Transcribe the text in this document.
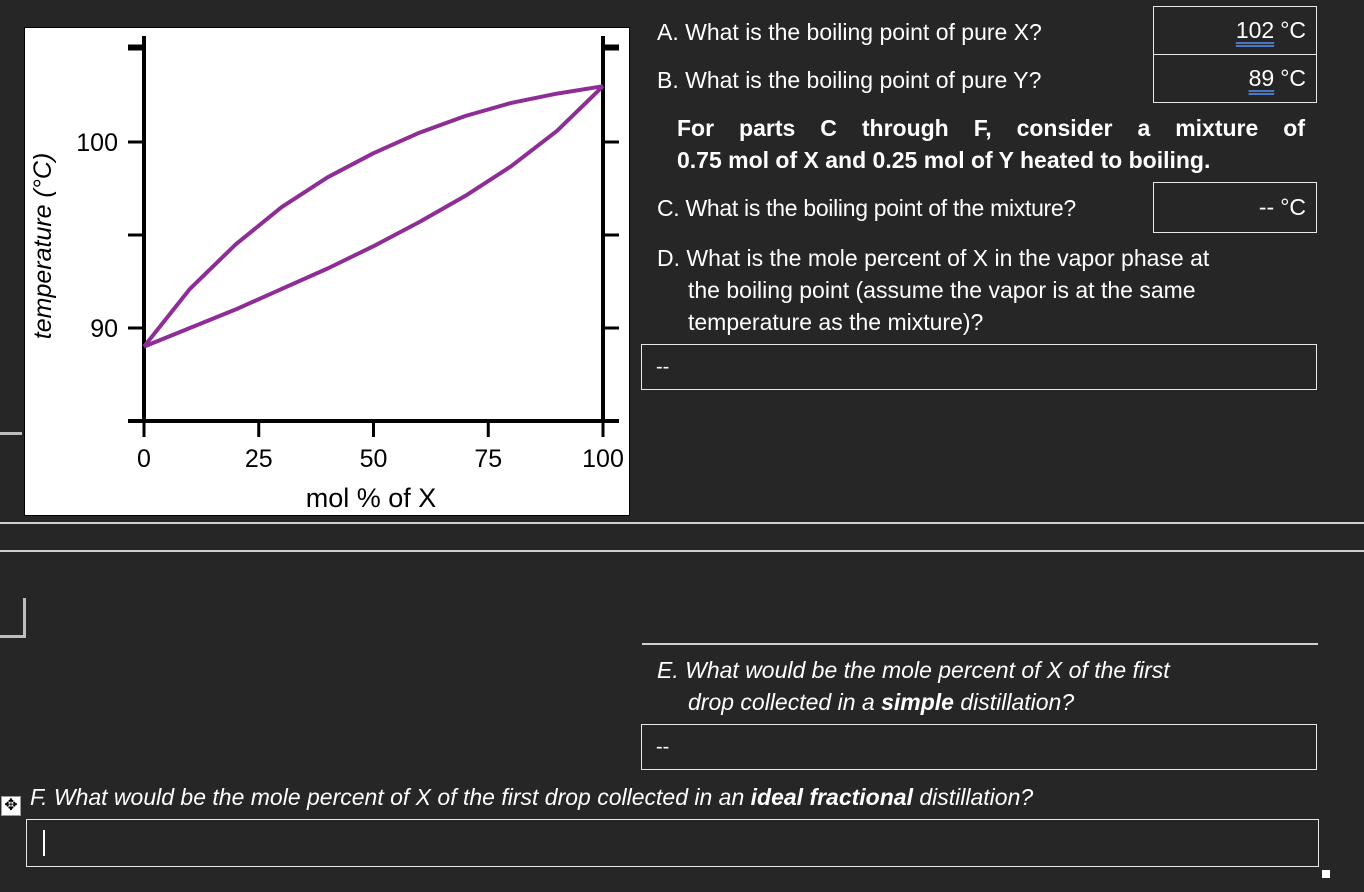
0	25	50	75	100
90
100
mol % of X
temperature (°C)
A. What is the boiling point of pure X?	102 °C
B. What is the boiling point of pure Y?	89 °C
For parts C through F, consider a mixture of
0.75 mol of X and 0.25 mol of Y heated to boiling.
C. What is the boiling point of the mixture?	-- °C
D. What is the mole percent of X in the vapor phase at
the boiling point (assume the vapor is at the same
temperature as the mixture)?
--
E. What would be the mole percent of X of the first
drop collected in a simple distillation?
--
✥ F. What would be the mole percent of X of the first drop collected in an ideal fractional distillation?
